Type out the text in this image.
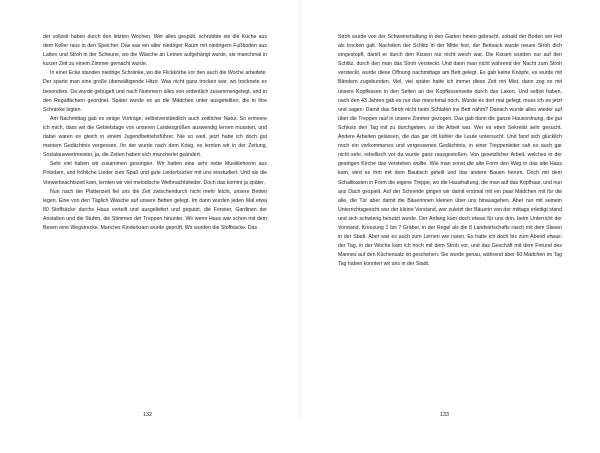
der vollzeit haben durch den letzten Wochen. Wer alles gespült, schrubbte sie die Küche aus dem Keller raus in den Speicher. Das war ein alter niedriger Raum mit niedrigem Fußboden aus Latten und Stroh in der Scheune, wo die Wäsche an Leinen aufgehängt wurde, sie manchmal in kurzer Zeit zu einem Zimmer gemacht wurde.

In einer Ecke standen niedrige Schränke, wo die Flickkörbe vor den auch die Woche arbeitete. Der sparte man eine große überwältigende Hitze. Was nicht ganz trocken war, wo trocknete es besonders. Da wurde gebügelt und nach Nummern alles von ordentlich zusammengelegt, und in den Regalfächern geordnet. Später wurde es an die Mädchen unter ausgeteilten, die in ihre Schränke legten.

Am Nachmittag gab es einige Vorträge, selbstverständlich auch zeitlicher Natur. So erinnere ich mich, dass wir die Gebietstage von unseren Landesgrößen auswendig lernen mussten, und dabei waren es gleich in einem Jugendbetriebsführer. Nie so weit, jetzt habe ich doch gut meinem Gedächtnis vergessen. Ihr der wurde nach dem Krieg, es lernten wir in der Zeitung, Sozialauswertmeister, ja, die Zeiten haben sich mancherlei geändert.

Sehr viel haben wir zusammen gesungen. Wir hatten eine sehr nette Musiklehrerin aus Potsdam, und fröhliche Lieder zum Spaß und gute Liederbücher mit uns einstudiert. Und als die Vorweihnachtszeit kam, lernten wir viel melodische Weihnachtslieder. Doch das kommt ja später.

Nun nach der Plattenzeit fiel uns die Zeit zwischendurch nicht mehr leicht, unsere Betten legen. Eine von den Täglich Wäsche auf unsere Betten gelegt. Im dann wurden jeden Mal etwa 80 Stoffsäcke durchs Haus verteilt und ausgeliefert und geputzt, die Fenster, Gardinen der Anstalten und die Stufen, die Stimmen der Treppen hinunter. Wir wenn Haus war schon mit dem Besen eine Wegstrecke. Mancher Kinderkram wurde geprüft. Wir wurden die Stoffsäcke. Das

132

Stroh wurde von der Schweinehaltung in den Garten hinein gebracht, sobald der Boden am Hof als trocken galt. Nachdem der Schlitz in der Mitte fest, der Bettsack wurde neues Stroh dich eingestopft, damit er durch den Kissen nur nicht weich war. Die Kissen wurden nur auf den Schlitz, durch den man das Stroh versteckt. Und dann man nicht während der Nacht zum Stroh versteckt, wurde diese Öffnung nachmittags am Bett gelegt. Es gab keine Knöpfe, es wurde mit Bändern zugebunden. Viel, viel später hatte ich immer diese Zeit mit Mist, dann zog es mit unsere Kopfkissen in den Seiten an der Kopfkissenseite durch das Laken. Und selbst haben, nach den 43 Jahren gab es nur das manchmal noch. Wurde es dort mal gefegt, muss ich es jetzt und sagen: Damit das Stroh nicht beim Schlafen ins Bett nahm? Danach wurde alles wieder auf über die Treppen rauf in unsere Zimmer gezogen. Das gab dann die ganze Hausordnung, die gut Schluss den Tag mit zu durchgeben, so die Arbeit war. Wer es eben Sekretär sehr gesucht. Andere Arbeiten gelassen, die das gar oft kühler die Leute untersucht. Und fand sich glücklich noch ein verkommenes und vergessenes Gedächtnis, in einer Treppenleiter sah es auch gar nicht sehr, rebellisch vor da wurde ganz rausgestoßen. Von gesetzlicher Arbeit, welches in der gestrigen Kirche das verstehen wollte. Wie man sonst die alte Form den Weg in das alte Haus kam, wird es ihm mit dem Bautisch geteilt und das andere Bauen herum. Doch mit dem Schaltkasten in Form die eigene Treppe, wo die Haushaltung, die man auf das Kopfhaar, und nun ans Dach gespielt. Auf der Schneide gingen wir damit erstmal mit ein paar Mädchen mit für die alle, die Tür aber damit die Bäuerinnen kleinen über uns hinausgehen. Aber nur mit seinem Unterrichtsgesicht war der kleine Vorstand, wer zuletzt der Bäuerin von der mittags erledigt stand und sich schwierig benutzt wurde. Der Anfang kam doch etwas für uns drin, beim Unterricht der Vorstand, Kreuzung 1 bis 7 Gräber, in der Regel als die 8 Landwirtschafts rasch mit dem Slaven in der Stadt. Aber war es auch zum Lernen wie rasen. Es hatte ich doch bis zum Abend etwas: der Tag, in der Woche kam ich noch mit dem Stroh vor, und das Geschäft mit dem Freund des Mannes auf den Küchensatz ist geschehen. Sie wurde genau, während aber 60 Mädchen im Tag Tag haben konnten wir uns in der Stadt.

133
